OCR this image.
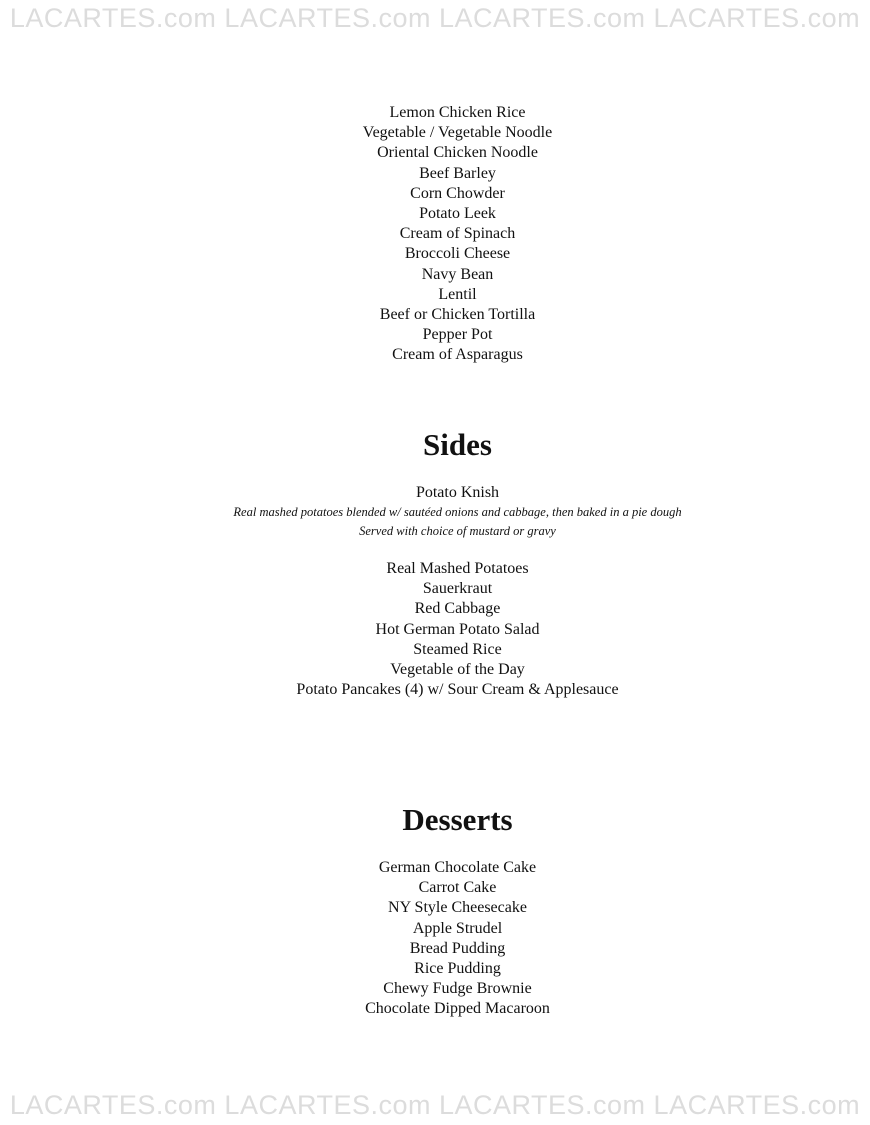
LACARTES.com LACARTES.com LACARTES.com LACARTES.com
Lemon Chicken Rice
Vegetable / Vegetable Noodle
Oriental Chicken Noodle
Beef Barley
Corn Chowder
Potato Leek
Cream of Spinach
Broccoli Cheese
Navy Bean
Lentil
Beef or Chicken Tortilla
Pepper Pot
Cream of Asparagus
Sides
Potato Knish
Real mashed potatoes blended w/ sautéed onions and cabbage, then baked in a pie dough
Served with choice of mustard or gravy
Real Mashed Potatoes
Sauerkraut
Red Cabbage
Hot German Potato Salad
Steamed Rice
Vegetable of the Day
Potato Pancakes (4) w/ Sour Cream & Applesauce
Desserts
German Chocolate Cake
Carrot Cake
NY Style Cheesecake
Apple Strudel
Bread Pudding
Rice Pudding
Chewy Fudge Brownie
Chocolate Dipped Macaroon
LACARTES.com LACARTES.com LACARTES.com LACARTES.com
